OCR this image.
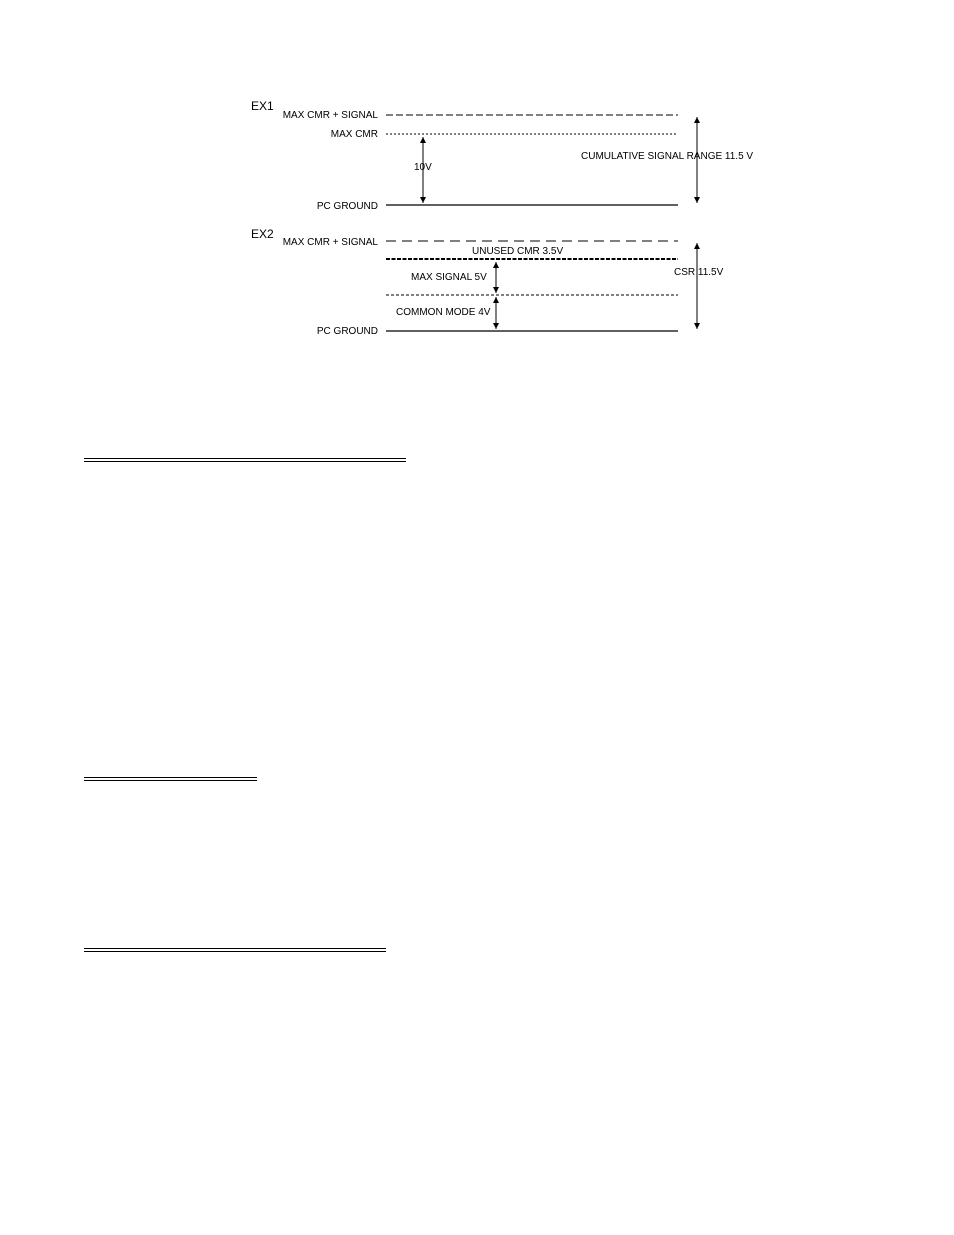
EX1
MAX CMR + SIGNAL
MAX CMR
PC GROUND
10V
CUMULATIVE SIGNAL RANGE 11.5 V
EX2
MAX CMR + SIGNAL
UNUSED CMR 3.5V
MAX SIGNAL 5V
COMMON MODE 4V
PC GROUND
CSR 11.5V
